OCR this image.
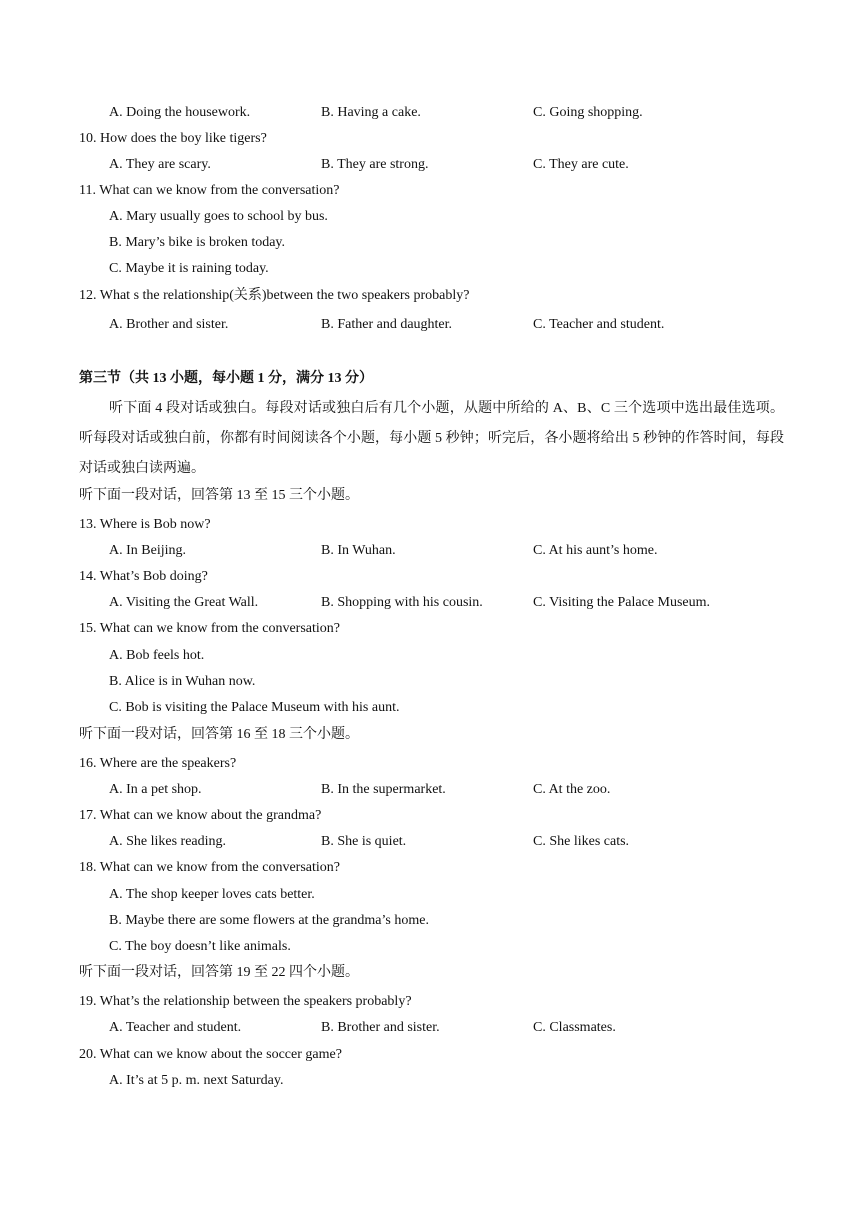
A. Doing the housework.	B. Having a cake.	C. Going shopping.
10. How does the boy like tigers?
A. They are scary.	B. They are strong.	C. They are cute.
11. What can we know from the conversation?
A. Mary usually goes to school by bus.
B. Mary’s bike is broken today.
C. Maybe it is raining today.
12. What s the relationship(关系)between the two speakers probably?
A. Brother and sister.	B. Father and daughter.	C. Teacher and student.
第三节（共 13 小题，每小题 1 分，满分 13 分）
听下面 4 段对话或独白。每段对话或独白后有几个小题，从题中所给的 A、B、C 三个选项中选出最佳选项。听每段对话或独白前，你都有时间阅读各个小题，每小题 5 秒钟；听完后，各小题将给出 5 秒钟的作答时间，每段对话或独白读两遍。
听下面一段对话，回答第 13 至 15 三个小题。
13. Where is Bob now?
A. In Beijing.	B. In Wuhan.	C. At his aunt’s home.
14. What’s Bob doing?
A. Visiting the Great Wall.	B. Shopping with his cousin.	C. Visiting the Palace Museum.
15. What can we know from the conversation?
A. Bob feels hot.
B. Alice is in Wuhan now.
C. Bob is visiting the Palace Museum with his aunt.
听下面一段对话，回答第 16 至 18 三个小题。
16. Where are the speakers?
A. In a pet shop.	B. In the supermarket.	C. At the zoo.
17. What can we know about the grandma?
A. She likes reading.	B. She is quiet.	C. She likes cats.
18. What can we know from the conversation?
A. The shop keeper loves cats better.
B. Maybe there are some flowers at the grandma’s home.
C. The boy doesn’t like animals.
听下面一段对话，回答第 19 至 22 四个小题。
19. What’s the relationship between the speakers probably?
A. Teacher and student.	B. Brother and sister.	C. Classmates.
20. What can we know about the soccer game?
A. It’s at 5 p. m. next Saturday.
